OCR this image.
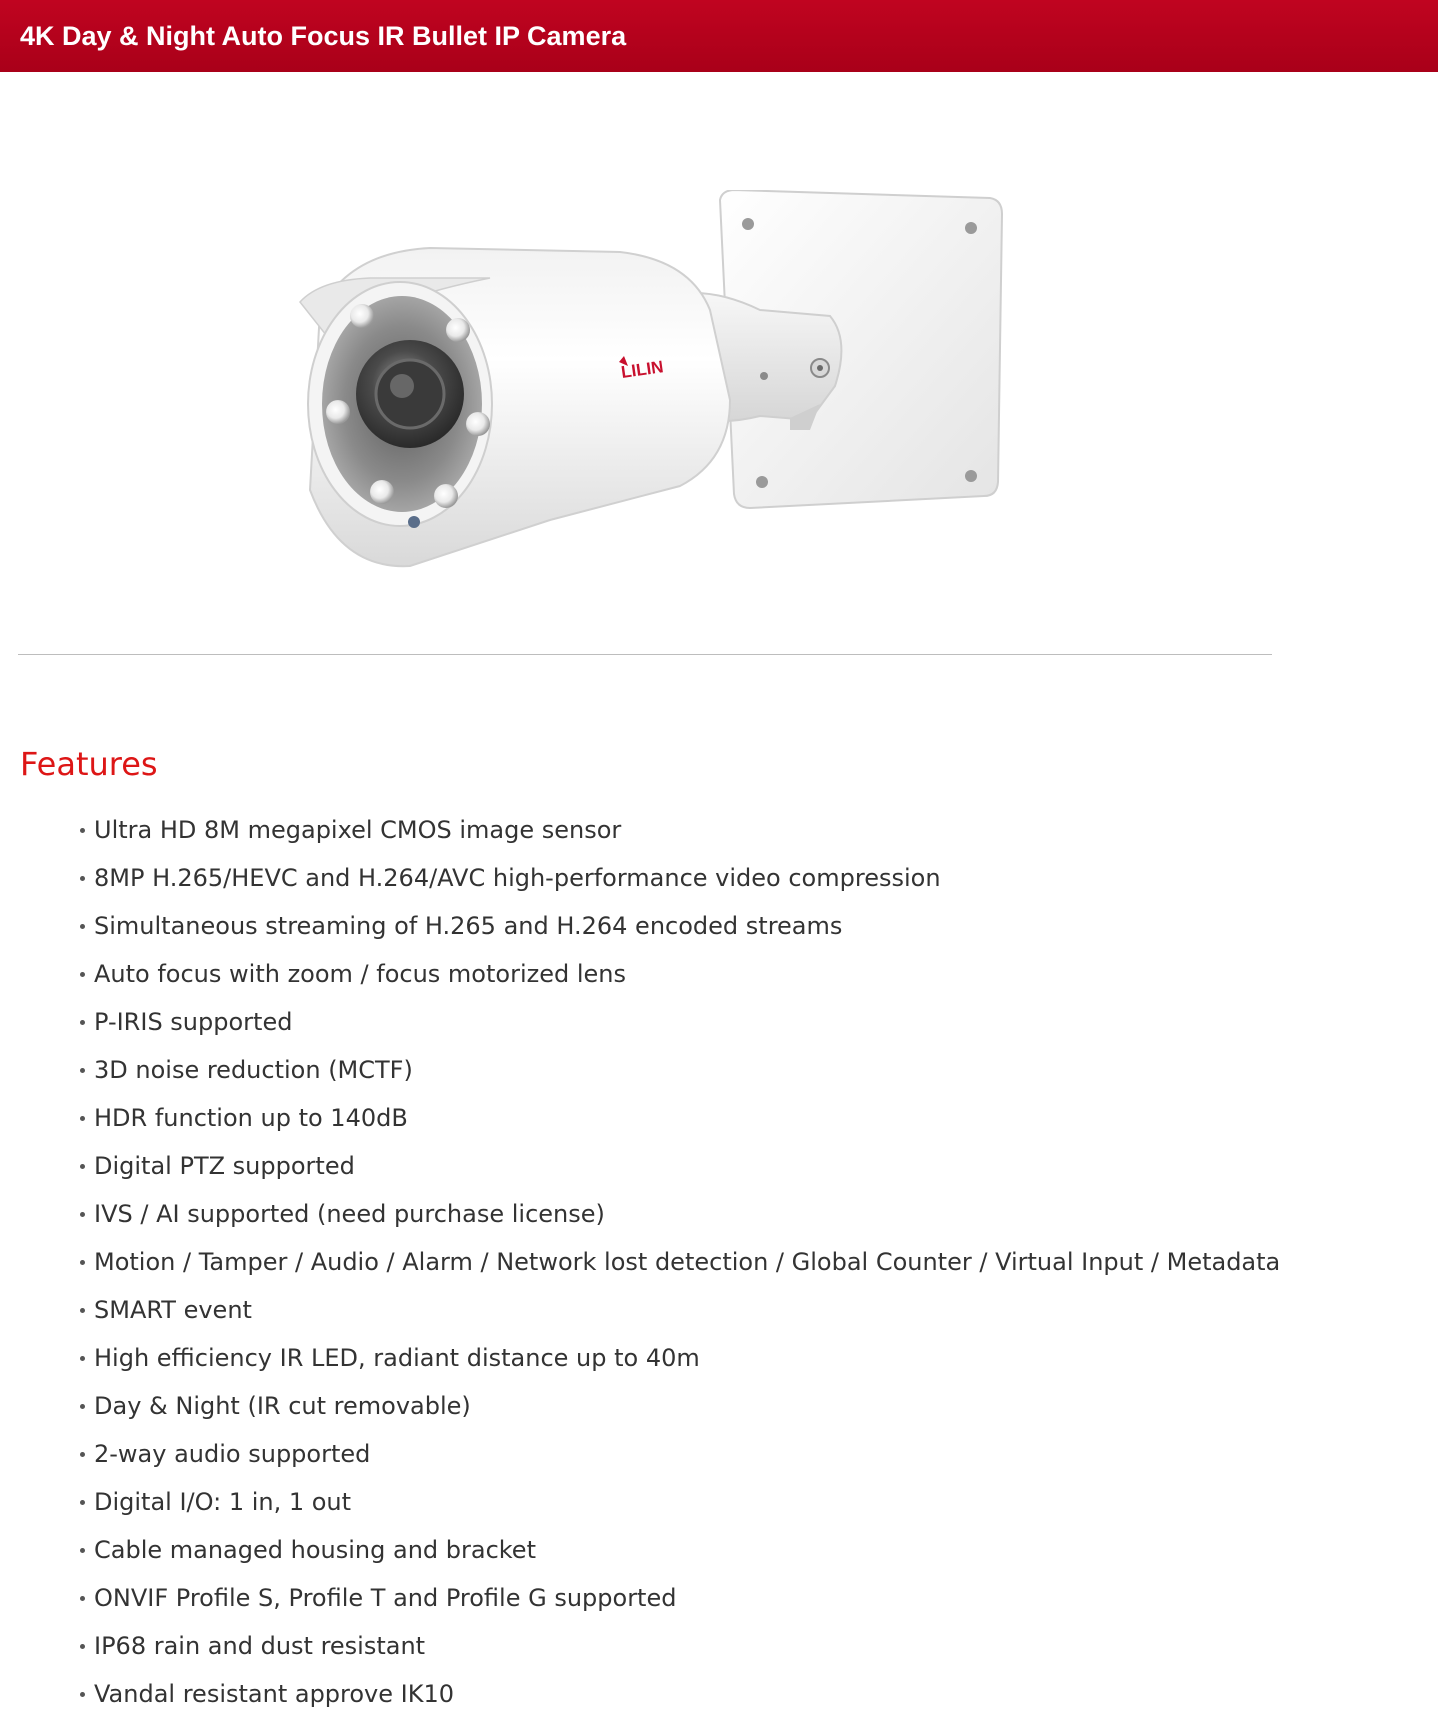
4K Day & Night Auto Focus IR Bullet IP Camera
LILIN
Features
Ultra HD 8M megapixel CMOS image sensor
8MP H.265/HEVC and H.264/AVC high-performance video compression
Simultaneous streaming of H.265 and H.264 encoded streams
Auto focus with zoom / focus motorized lens
P-IRIS supported
3D noise reduction (MCTF)
HDR function up to 140dB
Digital PTZ supported
IVS / AI supported (need purchase license)
Motion / Tamper / Audio / Alarm / Network lost detection / Global Counter / Virtual Input / Metadata
SMART event
High efficiency IR LED, radiant distance up to 40m
Day & Night (IR cut removable)
2-way audio supported
Digital I/O: 1 in, 1 out
Cable managed housing and bracket
ONVIF Profile S, Profile T and Profile G supported
IP68 rain and dust resistant
Vandal resistant approve IK10
